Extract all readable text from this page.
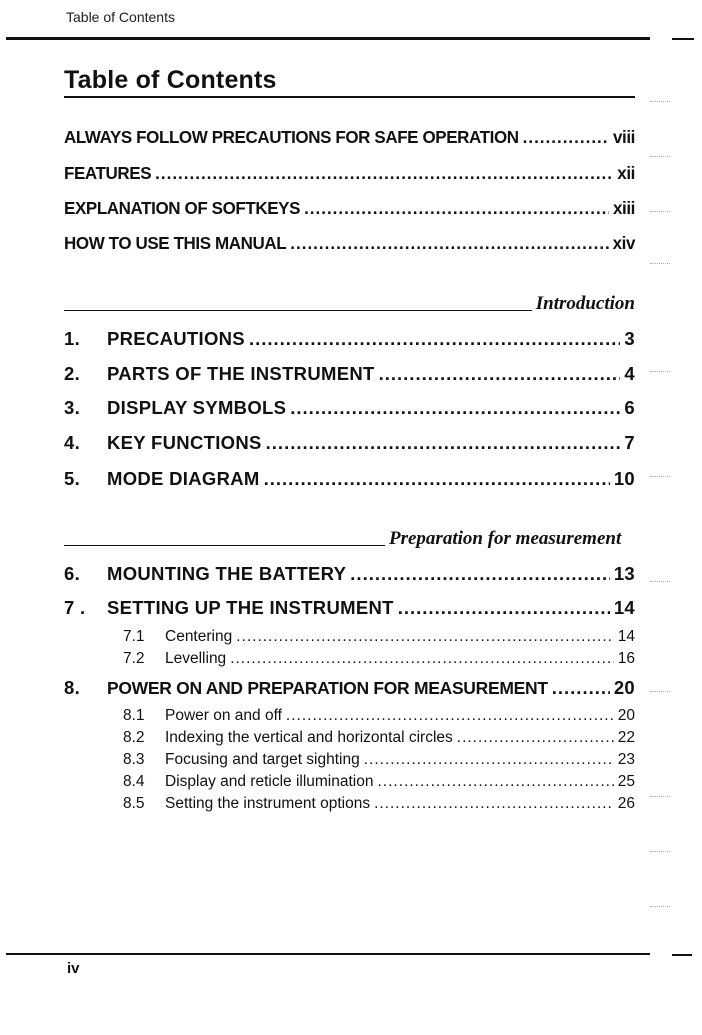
Table of Contents
Table of Contents
ALWAYS FOLLOW PRECAUTIONS FOR SAFE OPERATION .....	viii
FEATURES .....	xii
EXPLANATION OF SOFTKEYS .....	xiii
HOW TO USE THIS MANUAL .....	xiv
Introduction
1.	PRECAUTIONS .....	3
2.	PARTS OF THE INSTRUMENT .....	4
3.	DISPLAY SYMBOLS .....	6
4.	KEY FUNCTIONS .....	7
5.	MODE DIAGRAM .....	10
Preparation for measurement
6.	MOUNTING THE BATTERY .....	13
7 .	SETTING UP THE INSTRUMENT .....	14
7.1	Centering .....	14
7.2	Levelling .....	16
8.	POWER ON AND PREPARATION FOR MEASUREMENT .....	20
8.1	Power on and off .....	20
8.2	Indexing the vertical and horizontal circles .....	22
8.3	Focusing and target sighting .....	23
8.4	Display and reticle illumination .....	25
8.5	Setting the instrument options .....	26
iv
